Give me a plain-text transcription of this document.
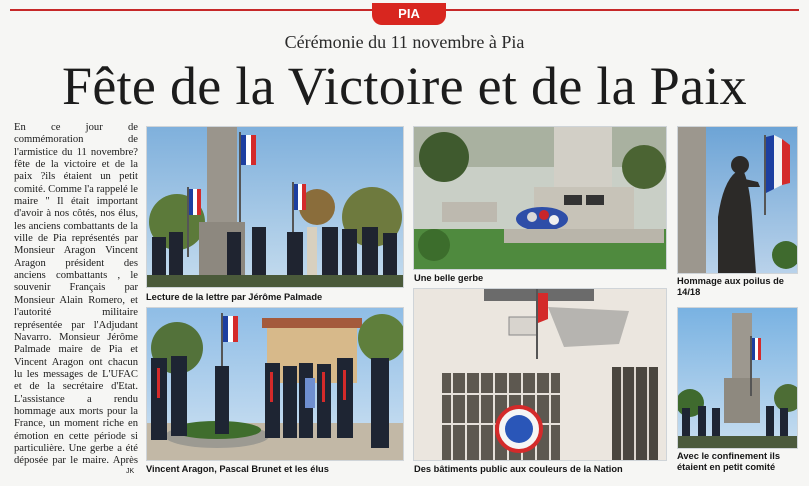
PIA
Cérémonie du 11 novembre à Pia
Fête de la Victoire et de la Paix
En ce jour de commémoration de l'armistice du 11 novembre? fête de la victoire et de la paix ?ils étaient un petit comité. Comme l'a rappelé le maire '' Il était important d'avoir à nos côtés, nos élus, les anciens combattants de la ville de Pia représentés par Monsieur Aragon Vincent Aragon président des anciens combattants , le souvenir Français par Monsieur Alain Romero, et l'autorité militaire représentée par l'Adjudant Navarro. Monsieur Jérôme Palmade maire de Pia et Vincent Aragon ont chacun lu les messages de L'UFAC et de la secrétaire d'Etat. L'assistance a rendu hommage aux morts pour la France, un moment riche en émotion en cette période si particulière. Une gerbe a été déposée par le maire. Après
JK
Lecture de la lettre par Jérôme Palmade
Une belle gerbe	Hommage aux poilus de 14/18
Vincent Aragon, Pascal Brunet et les élus	Des bâtiments public aux couleurs de la Nation
Avec le confinement ils étaient en petit comité
